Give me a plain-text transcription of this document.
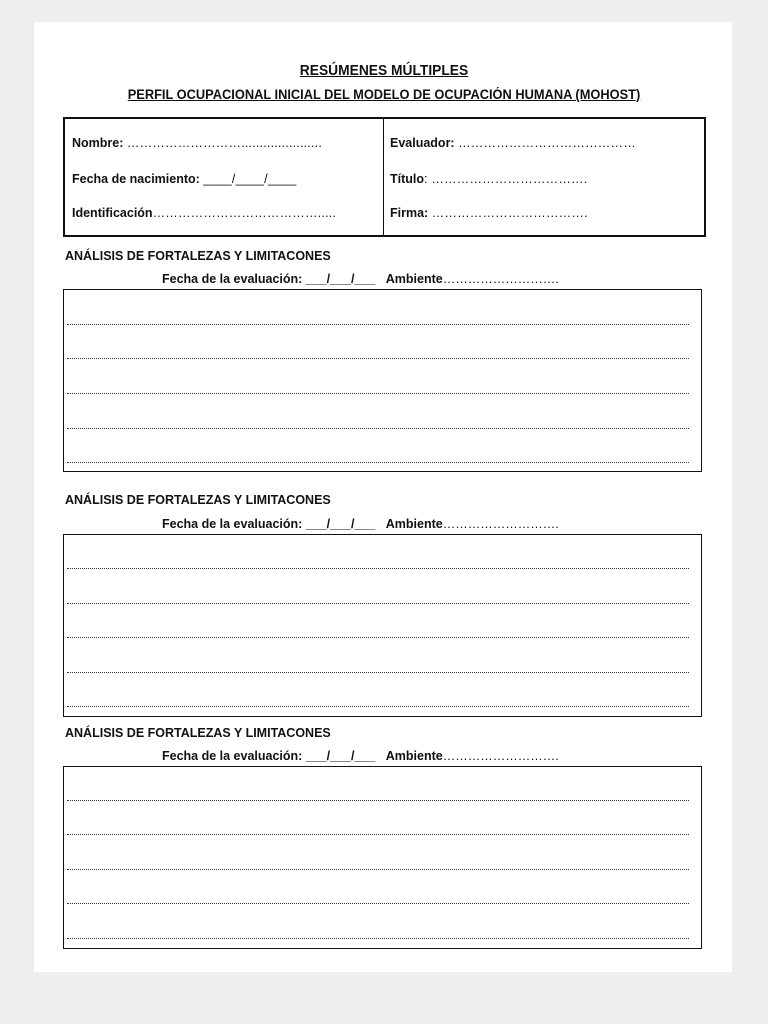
RESÚMENES MÚLTIPLES
PERFIL OCUPACIONAL INICIAL DEL MODELO DE OCUPACIÓN HUMANA (MOHOST)
Nombre: ………………………......................
Fecha de nacimiento: ____/____/____
Identificación………………………………….....
Evaluador: ……………………………………
Título: ……………………………….
Firma: ……………………………….
ANÁLISIS DE FORTALEZAS Y LIMITACONES
Fecha de la evaluación: ___/___/___ Ambiente……………………….
ANÁLISIS DE FORTALEZAS Y LIMITACONES
Fecha de la evaluación: ___/___/___ Ambiente……………………….
ANÁLISIS DE FORTALEZAS Y LIMITACONES
Fecha de la evaluación: ___/___/___ Ambiente……………………….
